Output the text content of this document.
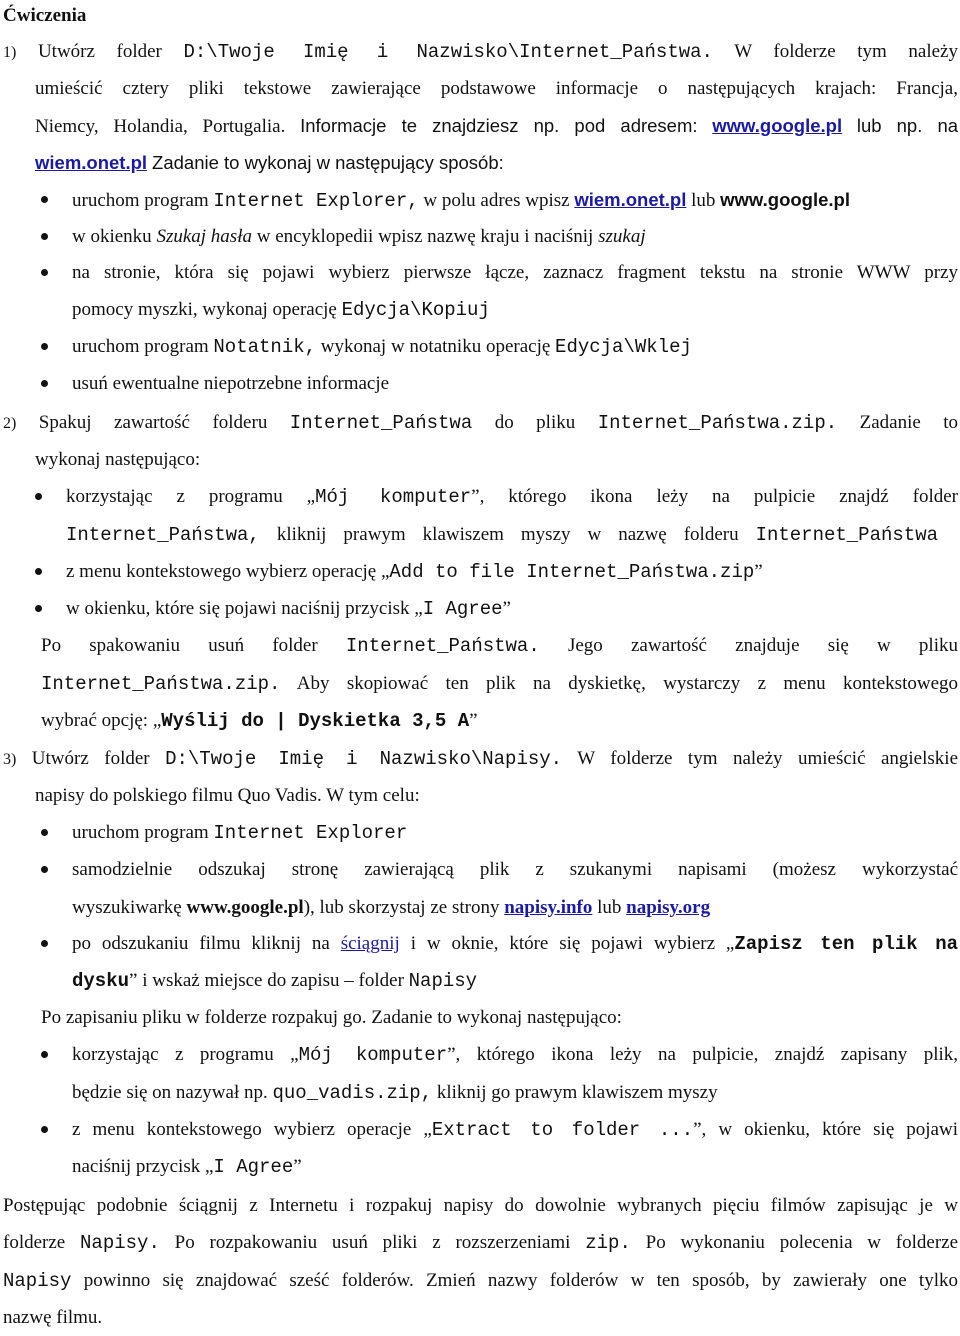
Ćwiczenia
1) Utwórz folder D:\Twoje Imię i Nazwisko\Internet_Państwa. W folderze tym należy
umieścić cztery pliki tekstowe zawierające podstawowe informacje o następujących krajach: Francja,
Niemcy, Holandia, Portugalia. Informacje te znajdziesz np. pod adresem: www.google.pl lub np. na
wiem.onet.pl Zadanie to wykonaj w następujący sposób:
uruchom program Internet Explorer, w polu adres wpisz wiem.onet.pl lub www.google.pl
w okienku Szukaj hasła w encyklopedii wpisz nazwę kraju i naciśnij szukaj
na stronie, która się pojawi wybierz pierwsze łącze, zaznacz fragment tekstu na stronie WWW przy
pomocy myszki, wykonaj operację Edycja\Kopiuj
uruchom program Notatnik, wykonaj w notatniku operację Edycja\Wklej
usuń ewentualne niepotrzebne informacje
2) Spakuj zawartość folderu Internet_Państwa do pliku Internet_Państwa.zip. Zadanie to
wykonaj następująco:
korzystając z programu „Mój komputer”, którego ikona leży na pulpicie znajdź folder
Internet_Państwa, kliknij prawym klawiszem myszy w nazwę folderu Internet_Państwa
z menu kontekstowego wybierz operację „Add to file Internet_Państwa.zip”
w okienku, które się pojawi naciśnij przycisk „I Agree”
Po spakowaniu usuń folder Internet_Państwa. Jego zawartość znajduje się w pliku
Internet_Państwa.zip. Aby skopiować ten plik na dyskietkę, wystarczy z menu kontekstowego
wybrać opcję: „Wyślij do | Dyskietka 3,5 A”
3) Utwórz folder D:\Twoje Imię i Nazwisko\Napisy. W folderze tym należy umieścić angielskie
napisy do polskiego filmu Quo Vadis. W tym celu:
uruchom program Internet Explorer
samodzielnie odszukaj stronę zawierającą plik z szukanymi napisami (możesz wykorzystać
wyszukiwarkę www.google.pl), lub skorzystaj ze strony napisy.info lub napisy.org
po odszukaniu filmu kliknij na ściągnij i w oknie, które się pojawi wybierz „Zapisz ten plik na
dysku” i wskaż miejsce do zapisu – folder Napisy
Po zapisaniu pliku w folderze rozpakuj go. Zadanie to wykonaj następująco:
korzystając z programu „Mój komputer”, którego ikona leży na pulpicie, znajdź zapisany plik,
będzie się on nazywał np. quo_vadis.zip, kliknij go prawym klawiszem myszy
z menu kontekstowego wybierz operacje „Extract to folder ...”, w okienku, które się pojawi
naciśnij przycisk „I Agree”
Postępując podobnie ściągnij z Internetu i rozpakuj napisy do dowolnie wybranych pięciu filmów zapisując je w
folderze Napisy. Po rozpakowaniu usuń pliki z rozszerzeniami zip. Po wykonaniu polecenia w folderze
Napisy powinno się znajdować sześć folderów. Zmień nazwy folderów w ten sposób, by zawierały one tylko
nazwę filmu.
